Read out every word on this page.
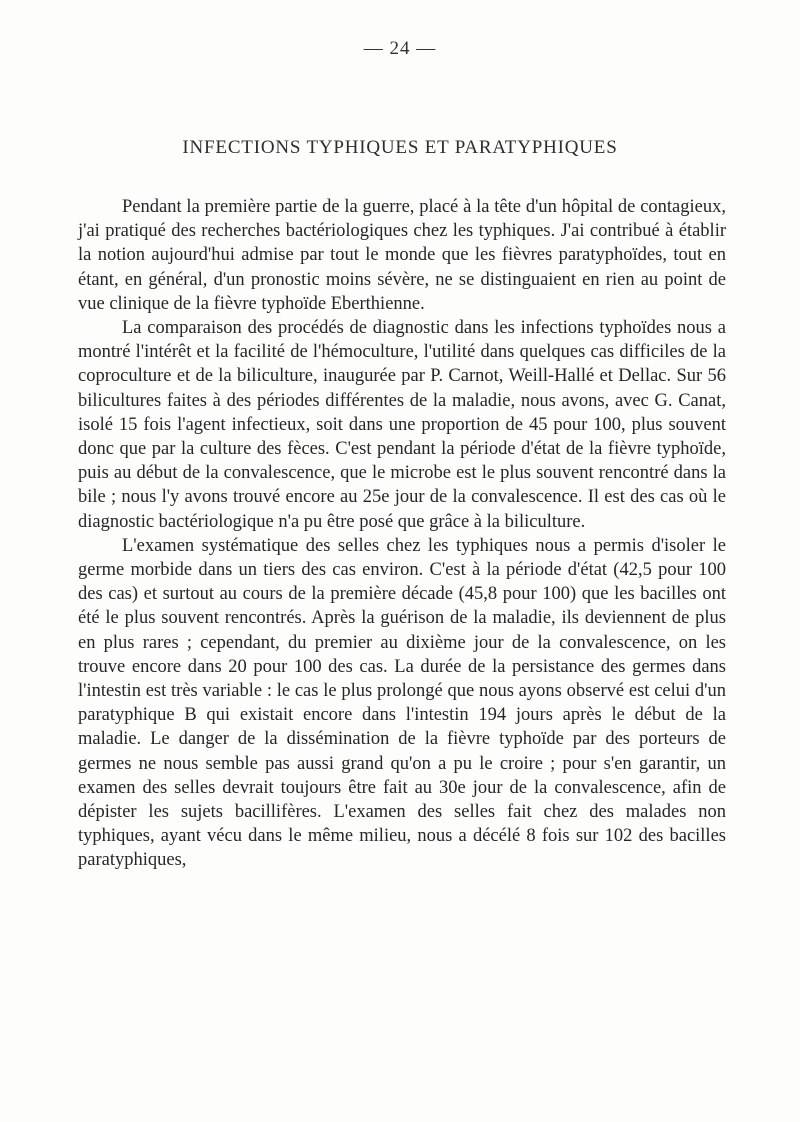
— 24 —
INFECTIONS TYPHIQUES ET PARATYPHIQUES

Pendant la première partie de la guerre, placé à la tête d'un hôpital de contagieux, j'ai pratiqué des recherches bactériologiques chez les typhiques. J'ai contribué à établir la notion aujourd'hui admise par tout le monde que les fièvres paratyphoïdes, tout en étant, en général, d'un pronostic moins sévère, ne se distinguaient en rien au point de vue clinique de la fièvre typhoïde Eberthienne.

La comparaison des procédés de diagnostic dans les infections typhoïdes nous a montré l'intérêt et la facilité de l'hémoculture, l'utilité dans quelques cas difficiles de la coproculture et de la biliculture, inaugurée par P. Carnot, Weill-Hallé et Dellac. Sur 56 bilicultures faites à des périodes différentes de la maladie, nous avons, avec G. Canat, isolé 15 fois l'agent infectieux, soit dans une proportion de 45 pour 100, plus souvent donc que par la culture des fèces. C'est pendant la période d'état de la fièvre typhoïde, puis au début de la convalescence, que le microbe est le plus souvent rencontré dans la bile ; nous l'y avons trouvé encore au 25e jour de la convalescence. Il est des cas où le diagnostic bactériologique n'a pu être posé que grâce à la biliculture.

L'examen systématique des selles chez les typhiques nous a permis d'isoler le germe morbide dans un tiers des cas environ. C'est à la période d'état (42,5 pour 100 des cas) et surtout au cours de la première décade (45,8 pour 100) que les bacilles ont été le plus souvent rencontrés. Après la guérison de la maladie, ils deviennent de plus en plus rares ; cependant, du premier au dixième jour de la convalescence, on les trouve encore dans 20 pour 100 des cas. La durée de la persistance des germes dans l'intestin est très variable : le cas le plus prolongé que nous ayons observé est celui d'un paratyphique B qui existait encore dans l'intestin 194 jours après le début de la maladie. Le danger de la dissémination de la fièvre typhoïde par des porteurs de germes ne nous semble pas aussi grand qu'on a pu le croire ; pour s'en garantir, un examen des selles devrait toujours être fait au 30e jour de la convalescence, afin de dépister les sujets bacillifères. L'examen des selles fait chez des malades non typhiques, ayant vécu dans le même milieu, nous a décélé 8 fois sur 102 des bacilles paratyphiques,
